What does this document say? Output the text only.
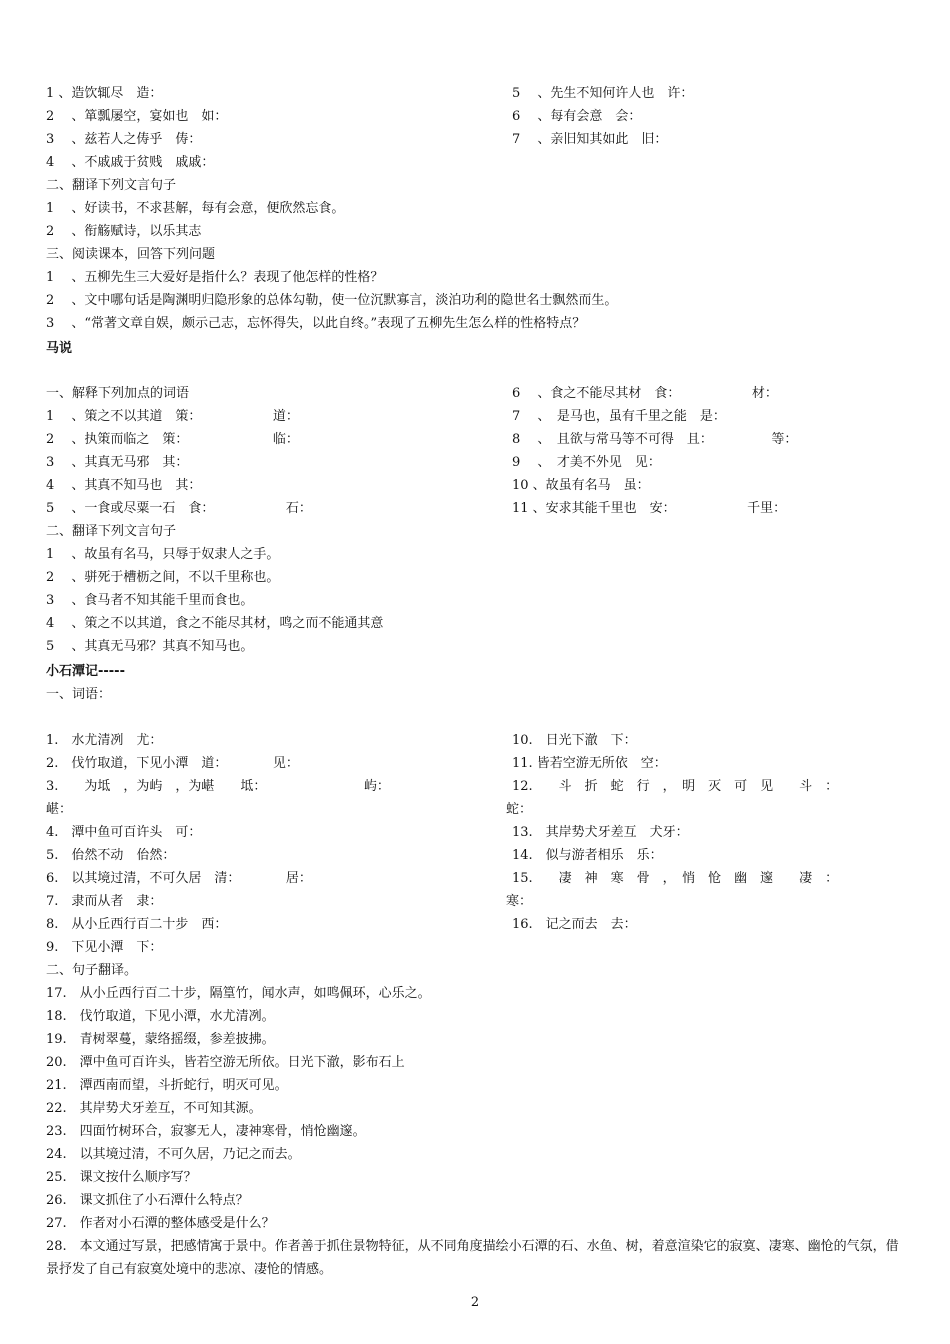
1 、造饮辄尽　造：
2 　、箪瓢屡空，宴如也　如：
3 　、兹若人之俦乎　俦：
4 　、不戚戚于贫贱　戚戚：
二、翻译下列文言句子
1 　、好读书，不求甚解，每有会意，便欣然忘食。
2 　、衔觞赋诗，以乐其志
三、阅读课本，回答下列问题
1 　、五柳先生三大爱好是指什么？表现了他怎样的性格？
2 　、文中哪句话是陶渊明归隐形象的总体勾勒，使一位沉默寡言，淡泊功利的隐世名士飘然而生。
3 　、“常著文章自娱，颇示己志，忘怀得失，以此自终。”表现了五柳先生怎么样的性格特点？
5 　、先生不知何许人也　许：
6 　、每有会意　会：
7 　、亲旧知其如此　旧：
马说
一、解释下列加点的词语
1 　、策之不以其道　策：　　　　　　道：
2 　、执策而临之　策：　　　　　　　临：
3 　、其真无马邪　其：
4 　、其真不知马也　其：
5 　、一食或尽粟一石　食：　　　　　　石：
二、翻译下列文言句子
1 　、故虽有名马，只辱于奴隶人之手。
2 　、骈死于槽枥之间，不以千里称也。
3 　、食马者不知其能千里而食也。
4 　、策之不以其道，食之不能尽其材，鸣之而不能通其意
5 　、其真无马邪？其真不知马也。
6 　、食之不能尽其材　食：　　　　　　材：
7 　、　是马也，虽有千里之能　是：
8 　、　且欲与常马等不可得　且：　　　　　等：
9 　、　才美不外见　见：
10 、故虽有名马　虽：
11 、安求其能千里也　安：　　　　　　千里：
小石潭记-----
一、词语：
1.　水尤清冽　尤：
2.　伐竹取道，下见小潭　道：　　　　见：
3.　　为坻　，为屿　，为嵁　　坻：　　　　　　　　屿：
嵁：
4.　潭中鱼可百许头　可：
5.　佁然不动　佁然：
6.　以其境过清，不可久居　清：　　　　居：
7.　隶而从者　隶：
8.　从小丘西行百二十步　西：
9.　下见小潭　下：
10.　日光下澈　下：
11. 皆若空游无所依　空：
12.　　斗　折　蛇　行　，　明　灭　可　见　　斗　：
蛇：
13.　其岸势犬牙差互　犬牙：
14.　似与游者相乐　乐：
15.　　凄　神　寒　骨　，　悄　怆　幽　邃　　凄　：
寒：
16.　记之而去　去：
二、句子翻译。
17.　从小丘西行百二十步，隔篁竹，闻水声，如鸣佩环，心乐之。
18.　伐竹取道，下见小潭，水尤清冽。
19.　青树翠蔓，蒙络摇缀，参差披拂。
20.　潭中鱼可百许头，皆若空游无所依。日光下澈，影布石上
21.　潭西南而望，斗折蛇行，明灭可见。
22.　其岸势犬牙差互，不可知其源。
23.　四面竹树环合，寂寥无人，凄神寒骨，悄怆幽邃。
24.　以其境过清，不可久居，乃记之而去。
25.　课文按什么顺序写？
26.　课文抓住了小石潭什么特点？
27.　作者对小石潭的整体感受是什么？
28.　本文通过写景，把感情寓于景中。作者善于抓住景物特征，从不同角度描绘小石潭的石、水鱼、树，着意渲染它的寂寞、凄寒、幽怆的气氛，借景抒发了自己有寂寞处境中的悲凉、凄怆的情感。
2
